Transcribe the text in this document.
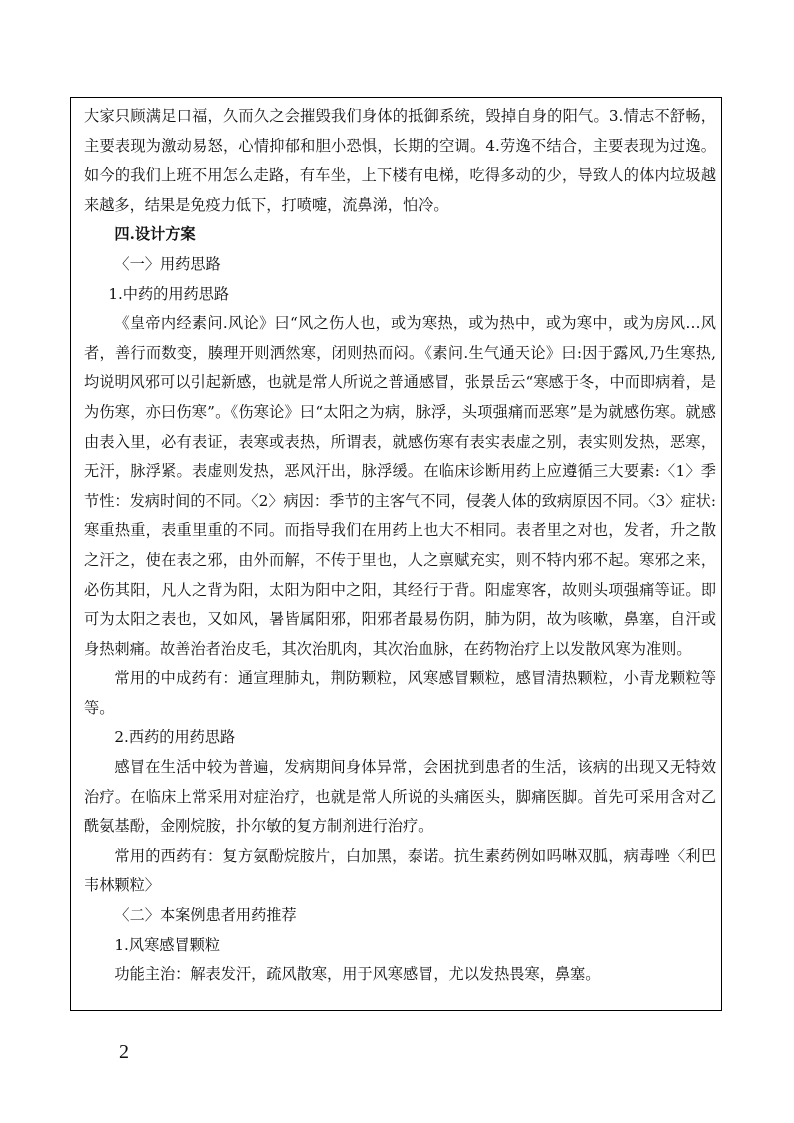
大家只顾满足口福，久而久之会摧毁我们身体的抵御系统，毁掉自身的阳气。3.情志不舒畅，主要表现为激动易怒，心情抑郁和胆小恐惧，长期的空调。4.劳逸不结合，主要表现为过逸。如今的我们上班不用怎么走路，有车坐，上下楼有电梯，吃得多动的少，导致人的体内垃圾越来越多，结果是免疫力低下，打喷嚏，流鼻涕，怕冷。

四.设计方案

〈一〉用药思路

1.中药的用药思路

《皇帝内经素问.风论》曰“风之伤人也，或为寒热，或为热中，或为寒中，或为房风…风者，善行而数变，腠理开则洒然寒，闭则热而闷。《素问.生气通天论》曰:因于露风,乃生寒热,均说明风邪可以引起新感，也就是常人所说之普通感冒，张景岳云“寒感于冬，中而即病着，是为伤寒，亦曰伤寒”。《伤寒论》曰“太阳之为病，脉浮，头项强痛而恶寒”是为就感伤寒。就感由表入里，必有表证，表寒或表热，所谓表，就感伤寒有表实表虚之别，表实则发热，恶寒，无汗，脉浮紧。表虚则发热，恶风汗出，脉浮缓。在临床诊断用药上应遵循三大要素:〈1〉季节性：发病时间的不同。〈2〉病因：季节的主客气不同，侵袭人体的致病原因不同。〈3〉症状:寒重热重，表重里重的不同。而指导我们在用药上也大不相同。表者里之对也，发者，升之散之汗之，使在表之邪，由外而解，不传于里也，人之禀赋充实，则不特内邪不起。寒邪之来，必伤其阳，凡人之背为阳，太阳为阳中之阳，其经行于背。阳虚寒客，故则头项强痛等证。即可为太阳之表也，又如风，暑皆属阳邪，阳邪者最易伤阴，肺为阴，故为咳嗽，鼻塞，自汗或身热刺痛。故善治者治皮毛，其次治肌肉，其次治血脉，在药物治疗上以发散风寒为准则。

常用的中成药有：通宣理肺丸，荆防颗粒，风寒感冒颗粒，感冒清热颗粒，小青龙颗粒等等。

2.西药的用药思路

感冒在生活中较为普遍，发病期间身体异常，会困扰到患者的生活，该病的出现又无特效治疗。在临床上常采用对症治疗，也就是常人所说的头痛医头，脚痛医脚。首先可采用含对乙酰氨基酚，金刚烷胺，扑尔敏的复方制剂进行治疗。

常用的西药有：复方氨酚烷胺片，白加黑，泰诺。抗生素药例如吗啉双胍，病毒唑〈利巴韦林颗粒〉

〈二〉本案例患者用药推荐

1.风寒感冒颗粒

功能主治：解表发汗，疏风散寒，用于风寒感冒，尤以发热畏寒，鼻塞。

2
